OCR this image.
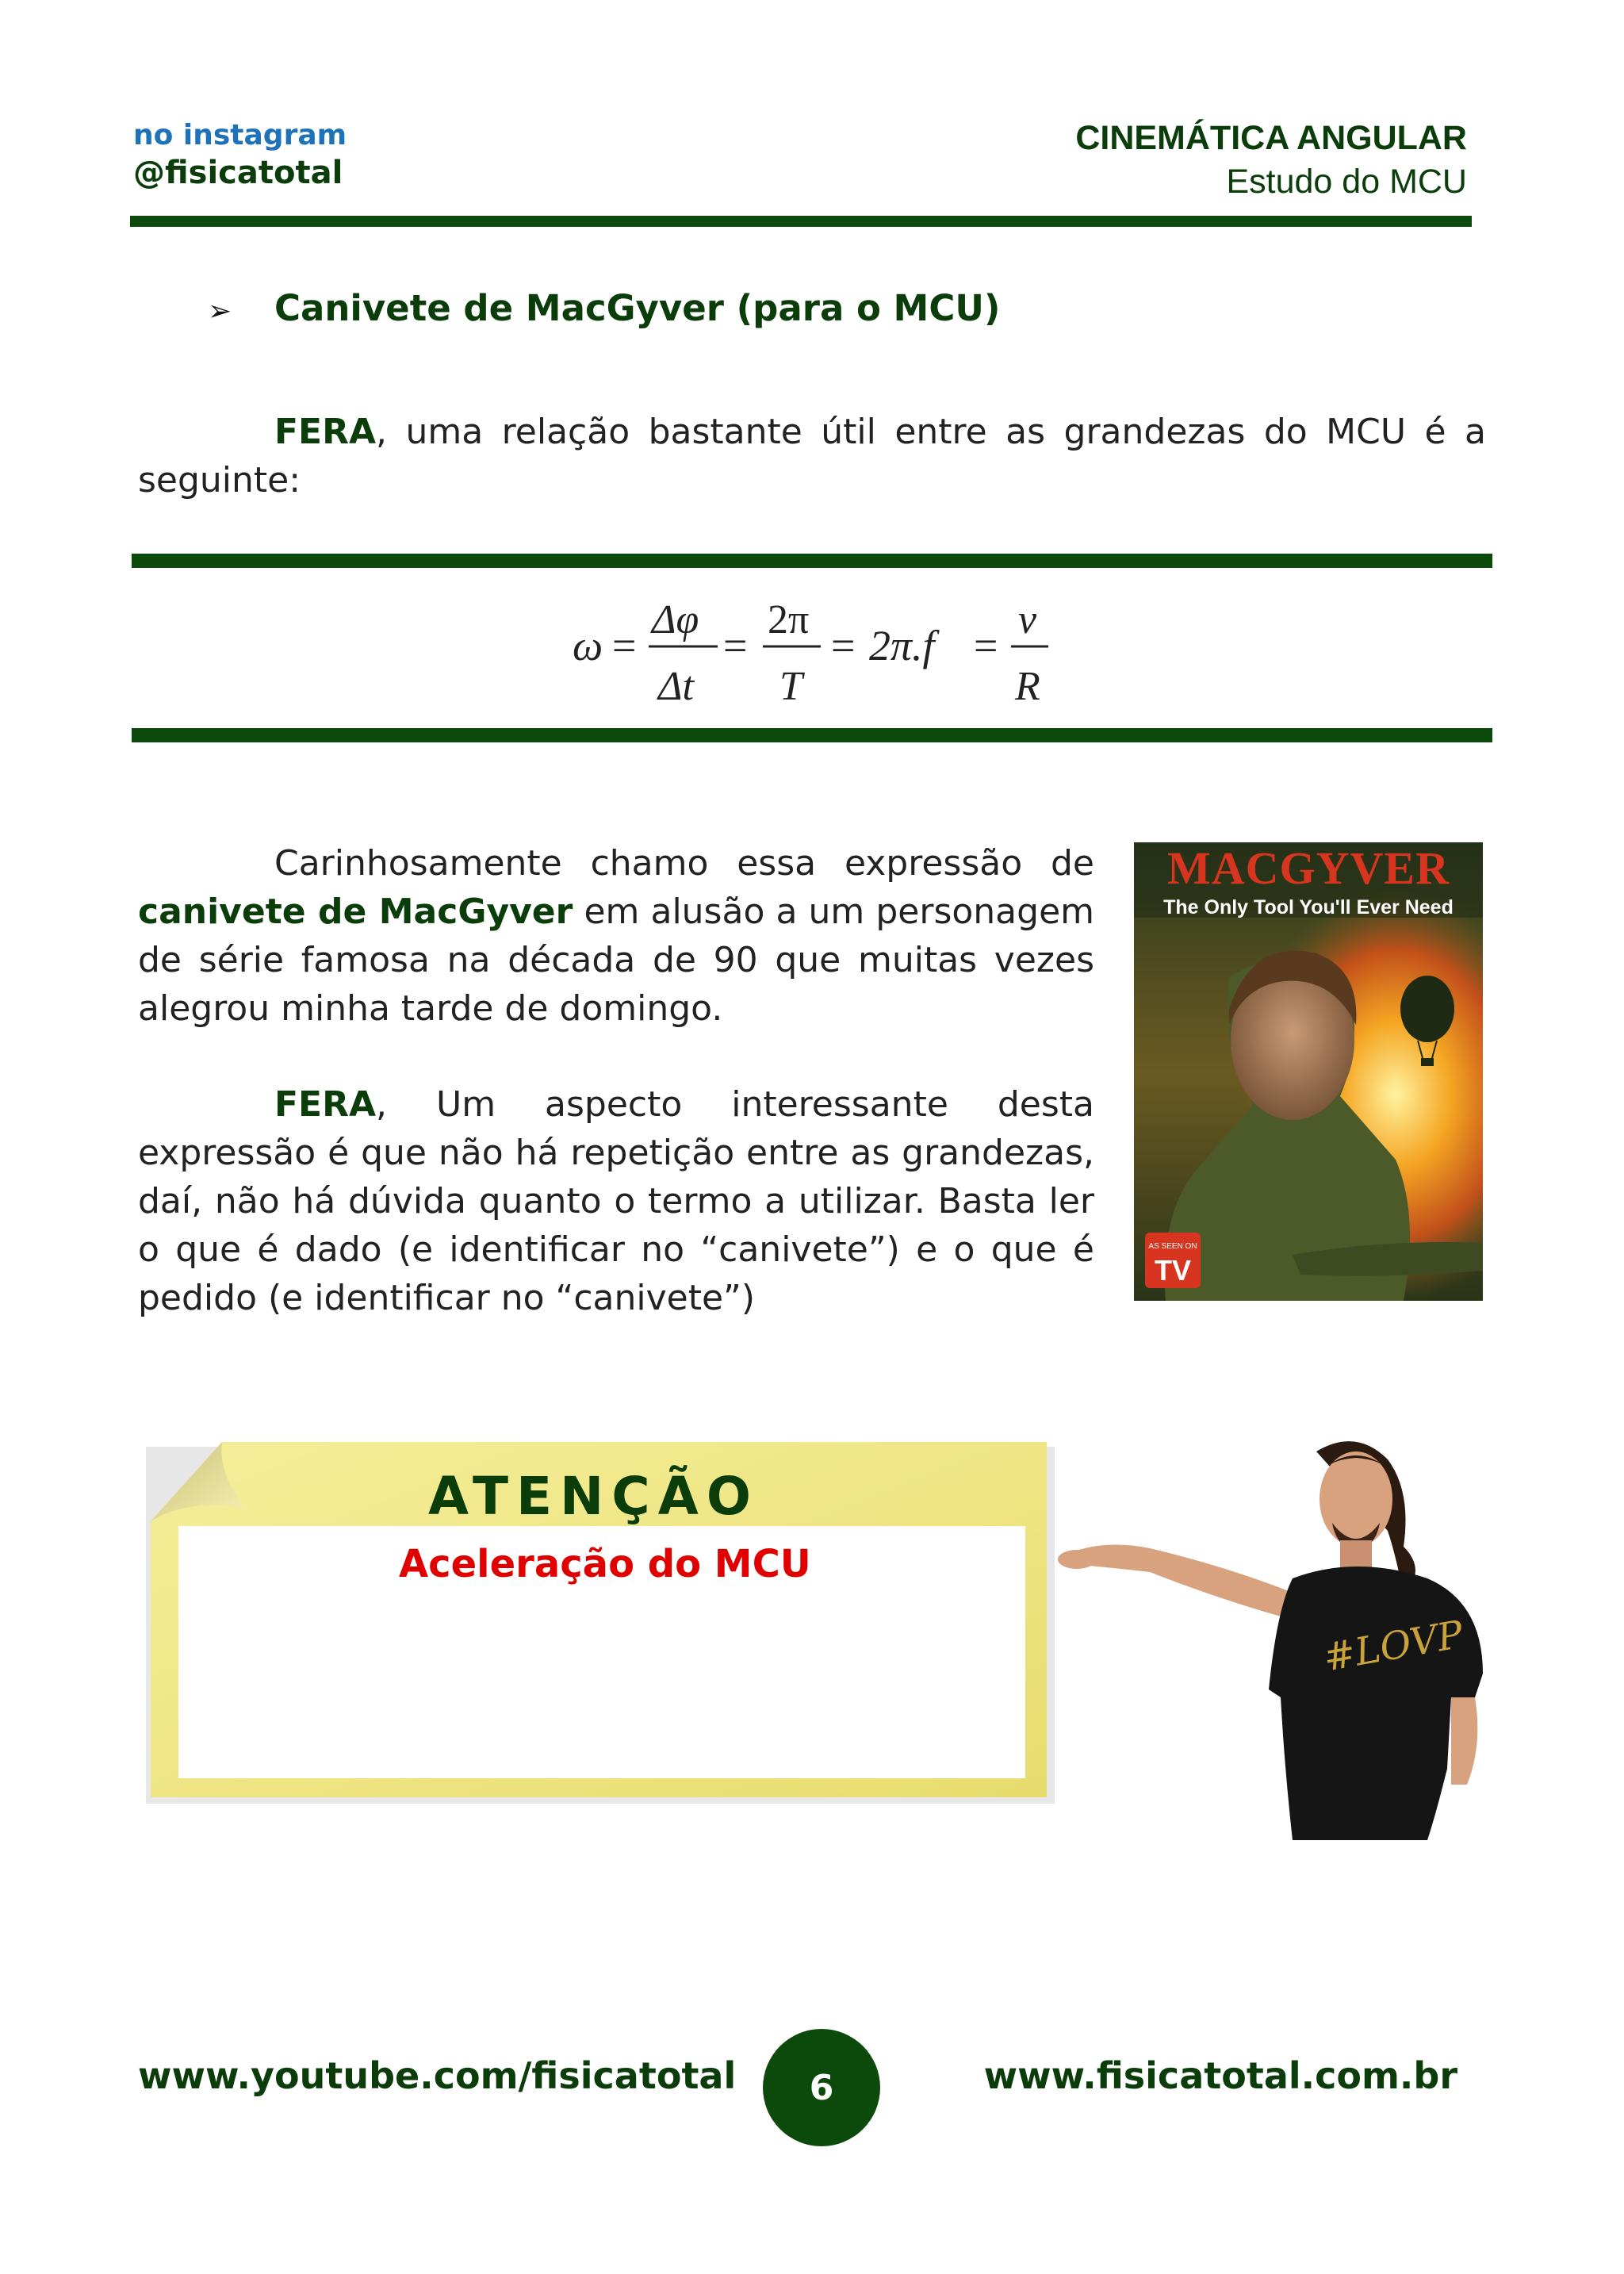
no instagram
@fisicatotal
CINEMÁTICA ANGULAR
Estudo do MCU
➢ Canivete de MacGyver (para o MCU)
FERA, uma relação bastante útil entre as grandezas do MCU é a seguinte:
ω =
Δφ
Δt
=
2π
T
= 2π.f =
v
R
Carinhosamente chamo essa expressão de canivete de MacGyver em alusão a um personagem de série famosa na década de 90 que muitas vezes alegrou minha tarde de domingo.
FERA, Um aspecto interessante desta expressão é que não há repetição entre as grandezas, daí, não há dúvida quanto o termo a utilizar. Basta ler o que é dado (e identificar no “canivete”) e o que é pedido (e identificar no “canivete”)
MACGYVER
The Only Tool You'll Ever Need
AS SEEN ON
TV
ATENÇÃO
Aceleração do MCU
#LOVP
www.youtube.com/fisicatotal	6	www.fisicatotal.com.br
